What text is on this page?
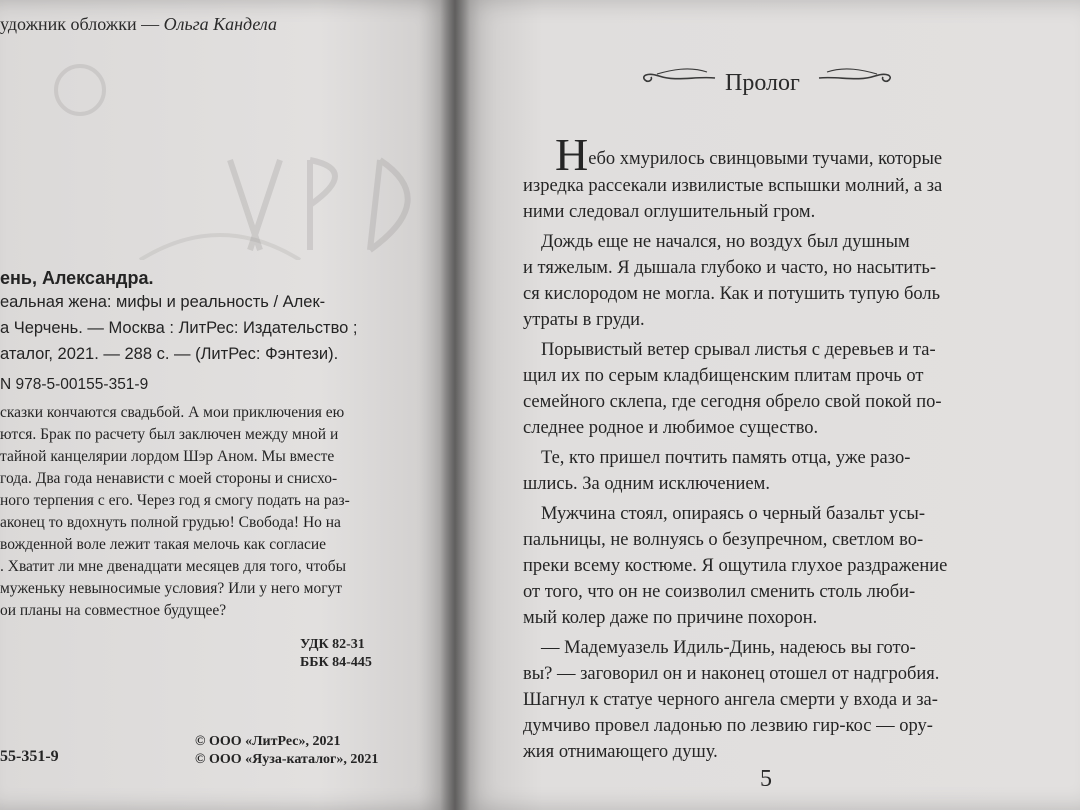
удожник обложки — Ольга Кандела
ень, Александра.
еальная жена: мифы и реальность / Алек-
а Черчень. — Москва : ЛитРес: Издательство ;
аталог, 2021. — 288 с. — (ЛитРес: Фэнтези).
N 978-5-00155-351-9
сказки кончаются свадьбой. А мои приключения ею
ются. Брак по расчету был заключен между мной и
тайной канцелярии лордом Шэр Аном. Мы вместе
года. Два года ненависти с моей стороны и снисхо-
ного терпения с его. Через год я смогу подать на раз-
аконец то вдохнуть полной грудью! Свобода! Но на
вожденной воле лежит такая мелочь как согласие
. Хватит ли мне двенадцати месяцев для того, чтобы
муженьку невыносимые условия? Или у него могут
ои планы на совместное будущее?
УДК 82-31
ББК 84-445
© ООО «ЛитРес», 2021
© ООО «Яуза-каталог», 2021
55-351-9
Пролог
Небо хмурилось свинцовыми тучами, которые
изредка рассекали извилистые вспышки молний, а за
ними следовал оглушительный гром.
Дождь еще не начался, но воздух был душным
и тяжелым. Я дышала глубоко и часто, но насытить-
ся кислородом не могла. Как и потушить тупую боль
утраты в груди.
Порывистый ветер срывал листья с деревьев и та-
щил их по серым кладбищенским плитам прочь от
семейного склепа, где сегодня обрело свой покой по-
следнее родное и любимое существо.
Те, кто пришел почтить память отца, уже разо-
шлись. За одним исключением.
Мужчина стоял, опираясь о черный базальт усы-
пальницы, не волнуясь о безупречном, светлом во-
преки всему костюме. Я ощутила глухое раздражение
от того, что он не соизволил сменить столь люби-
мый колер даже по причине похорон.
— Мадемуазель Идиль-Динь, надеюсь вы гото-
вы? — заговорил он и наконец отошел от надгробия.
Шагнул к статуе черного ангела смерти у входа и за-
думчиво провел ладонью по лезвию гир-кос — ору-
жия отнимающего душу.
5
